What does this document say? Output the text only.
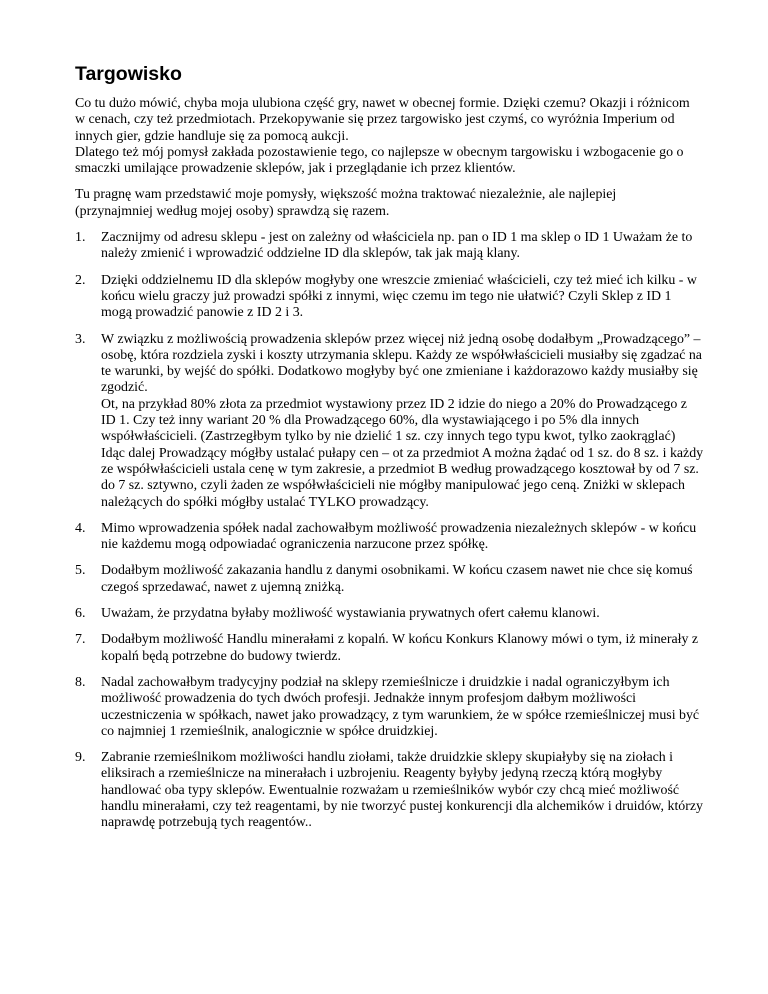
Targowisko

Co tu dużo mówić, chyba moja ulubiona część gry, nawet w obecnej formie. Dzięki czemu? Okazji i różnicom w cenach, czy też przedmiotach. Przekopywanie się przez targowisko jest czymś, co wyróżnia Imperium od innych gier, gdzie handluje się za pomocą aukcji.
Dlatego też mój pomysł zakłada pozostawienie tego, co najlepsze w obecnym targowisku i wzbogacenie go o smaczki umilające prowadzenie sklepów, jak i przeglądanie ich przez klientów.

Tu pragnę wam przedstawić moje pomysły, większość można traktować niezależnie, ale najlepiej (przynajmniej według mojej osoby) sprawdzą się razem.

1.	Zacznijmy od adresu sklepu - jest on zależny od właściciela np. pan o ID 1 ma sklep o ID 1 Uważam że to należy zmienić i wprowadzić oddzielne ID dla sklepów, tak jak mają klany.
2.	Dzięki oddzielnemu ID dla sklepów mogłyby one wreszcie zmieniać właścicieli, czy też mieć ich kilku - w końcu wielu graczy już prowadzi spółki z innymi, więc czemu im tego nie ułatwić? Czyli Sklep z ID 1 mogą prowadzić panowie z ID 2 i 3.
3.	W związku z możliwością prowadzenia sklepów przez więcej niż jedną osobę dodałbym „Prowadzącego” – osobę, która rozdziela zyski i koszty utrzymania sklepu. Każdy ze współwłaścicieli musiałby się zgadzać na te warunki, by wejść do spółki. Dodatkowo mogłyby być one zmieniane i każdorazowo każdy musiałby się zgodzić.
Ot, na przykład 80% złota za przedmiot wystawiony przez ID 2 idzie do niego a 20% do Prowadzącego z ID 1. Czy też inny wariant 20 % dla Prowadzącego 60%, dla wystawiającego i po 5% dla innych współwłaścicieli. (Zastrzegłbym tylko by nie dzielić 1 sz. czy innych tego typu kwot, tylko zaokrąglać)
Idąc dalej Prowadzący mógłby ustalać pułapy cen – ot za przedmiot A można żądać od 1 sz. do 8 sz. i każdy ze współwłaścicieli ustala cenę w tym zakresie, a przedmiot B według prowadzącego kosztował by od 7 sz. do 7 sz. sztywno, czyli żaden ze współwłaścicieli nie mógłby manipulować jego ceną. Zniżki w sklepach należących do spółki mógłby ustalać TYLKO prowadzący.
4.	Mimo wprowadzenia spółek nadal zachowałbym możliwość prowadzenia niezależnych sklepów - w końcu nie każdemu mogą odpowiadać ograniczenia narzucone przez spółkę.
5.	Dodałbym możliwość zakazania handlu z danymi osobnikami. W końcu czasem nawet nie chce się komuś czegoś sprzedawać, nawet z ujemną zniżką.
6.	Uważam, że przydatna byłaby możliwość wystawiania prywatnych ofert całemu klanowi.
7.	Dodałbym możliwość Handlu minerałami z kopalń. W końcu Konkurs Klanowy mówi o tym, iż minerały z kopalń będą potrzebne do budowy twierdz.
8.	Nadal zachowałbym tradycyjny podział na sklepy rzemieślnicze i druidzkie i nadal ograniczyłbym ich możliwość prowadzenia do tych dwóch profesji. Jednakże innym profesjom dałbym możliwości uczestniczenia w spółkach, nawet jako prowadzący, z tym warunkiem, że w spółce rzemieślniczej musi być co najmniej 1 rzemieślnik, analogicznie w spółce druidzkiej.
9.	Zabranie rzemieślnikom możliwości handlu ziołami, także druidzkie sklepy skupiałyby się na ziołach i eliksirach a rzemieślnicze na minerałach i uzbrojeniu. Reagenty byłyby jedyną rzeczą którą mogłyby handlować oba typy sklepów. Ewentualnie rozważam u rzemieślników wybór czy chcą mieć możliwość handlu minerałami, czy też reagentami, by nie tworzyć pustej konkurencji dla alchemików i druidów, którzy naprawdę potrzebują tych reagentów..
